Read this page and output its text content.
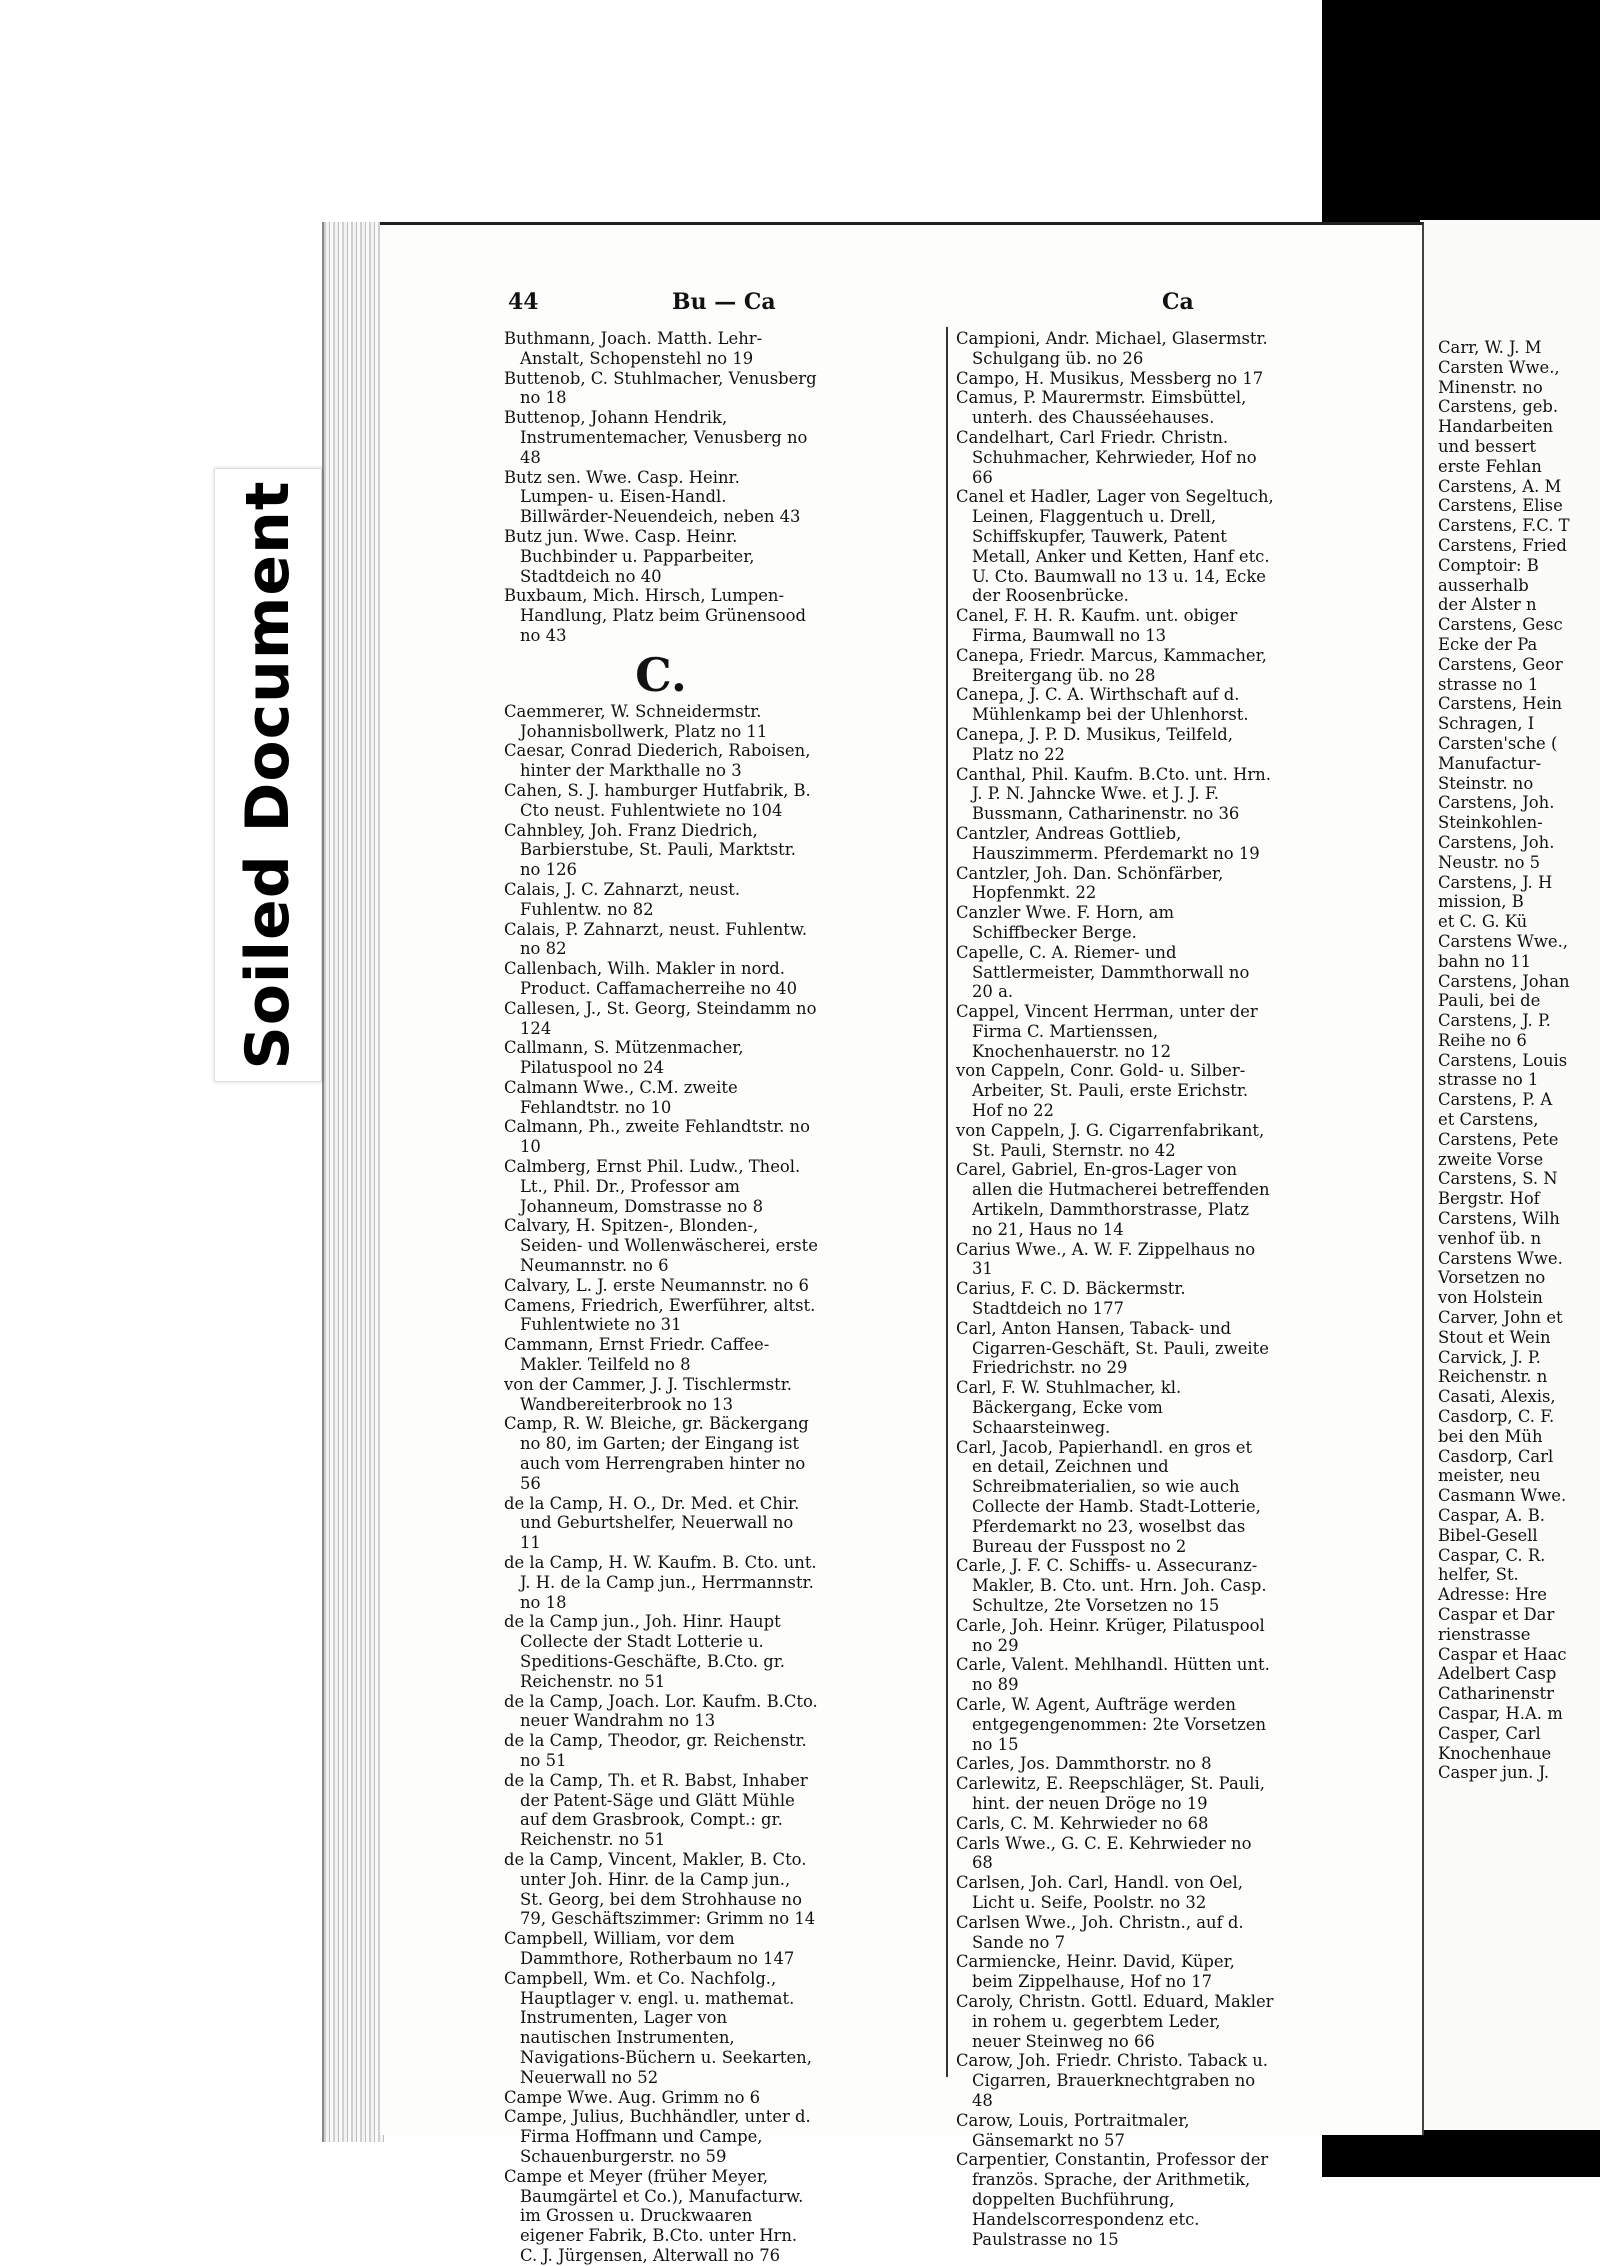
Carr, W. J. M

Carsten Wwe.,

Minenstr. no

Carstens, geb.

Handarbeiten

und bessert

erste Fehlan

Carstens, A. M

Carstens, Elise

Carstens, F.C. T

Carstens, Fried

Comptoir: B

ausserhalb

der Alster n

Carstens, Gesc

Ecke der Pa

Carstens, Geor

strasse no 1

Carstens, Hein

Schragen, I

Carsten'sche (

Manufactur-

Steinstr. no

Carstens, Joh.

Steinkohlen-

Carstens, Joh.

Neustr. no 5

Carstens, J. H

mission, B

et C. G. Kü

Carstens Wwe.,

bahn no 11

Carstens, Johan

Pauli, bei de

Carstens, J. P.

Reihe no 6

Carstens, Louis

strasse no 1

Carstens, P. A

et Carstens,

Carstens, Pete

zweite Vorse

Carstens, S. N

Bergstr. Hof

Carstens, Wilh

venhof üb. n

Carstens Wwe.

Vorsetzen no

von Holstein

Carver, John et

Stout et Wein

Carvick, J. P.

Reichenstr. n

Casati, Alexis,

Casdorp, C. F.

bei den Müh

Casdorp, Carl

meister, neu

Casmann Wwe.

Caspar, A. B.

Bibel-Gesell

Caspar, C. R.

helfer, St.

Adresse: Hre

Caspar et Dar

rienstrasse

Caspar et Haac

Adelbert Casp

Catharinenstr

Caspar, H.A. m

Casper, Carl

Knochenhaue

Casper jun. J.

44	Bu — Ca	Ca

Buthmann, Joach. Matth. Lehr-Anstalt, Schopenstehl no 19

Buttenob, C. Stuhlmacher, Venusberg no 18

Buttenop, Johann Hendrik, Instrumentemacher, Venusberg no 48

Butz sen. Wwe. Casp. Heinr. Lumpen- u. Eisen-Handl. Billwärder-Neuendeich, neben 43

Butz jun. Wwe. Casp. Heinr. Buchbinder u. Papparbeiter, Stadtdeich no 40

Buxbaum, Mich. Hirsch, Lumpen-Handlung, Platz beim Grünensood no 43

C.

Caemmerer, W. Schneidermstr. Johannisbollwerk, Platz no 11

Caesar, Conrad Diederich, Raboisen, hinter der Markthalle no 3

Cahen, S. J. hamburger Hutfabrik, B. Cto neust. Fuhlentwiete no 104

Cahnbley, Joh. Franz Diedrich, Barbierstube, St. Pauli, Marktstr. no 126

Calais, J. C. Zahnarzt, neust. Fuhlentw. no 82

Calais, P. Zahnarzt, neust. Fuhlentw. no 82

Callenbach, Wilh. Makler in nord. Product. Caffamacherreihe no 40

Callesen, J., St. Georg, Steindamm no 124

Callmann, S. Mützenmacher, Pilatuspool no 24

Calmann Wwe., C.M. zweite Fehlandtstr. no 10

Calmann, Ph., zweite Fehlandtstr. no 10

Calmberg, Ernst Phil. Ludw., Theol. Lt., Phil. Dr., Professor am Johanneum, Domstrasse no 8

Calvary, H. Spitzen-, Blonden-, Seiden- und Wollenwäscherei, erste Neumannstr. no 6

Calvary, L. J. erste Neumannstr. no 6

Camens, Friedrich, Ewerführer, altst. Fuhlentwiete no 31

Cammann, Ernst Friedr. Caffee-Makler. Teilfeld no 8

von der Cammer, J. J. Tischlermstr. Wandbereiterbrook no 13

Camp, R. W. Bleiche, gr. Bäckergang no 80, im Garten; der Eingang ist auch vom Herrengraben hinter no 56

de la Camp, H. O., Dr. Med. et Chir. und Geburtshelfer, Neuerwall no 11

de la Camp, H. W. Kaufm. B. Cto. unt. J. H. de la Camp jun., Herrmannstr. no 18

de la Camp jun., Joh. Hinr. Haupt Collecte der Stadt Lotterie u. Speditions-Geschäfte, B.Cto. gr. Reichenstr. no 51

de la Camp, Joach. Lor. Kaufm. B.Cto. neuer Wandrahm no 13

de la Camp, Theodor, gr. Reichenstr. no 51

de la Camp, Th. et R. Babst, Inhaber der Patent-Säge und Glätt Mühle auf dem Grasbrook, Compt.: gr. Reichenstr. no 51

de la Camp, Vincent, Makler, B. Cto. unter Joh. Hinr. de la Camp jun., St. Georg, bei dem Strohhause no 79, Geschäftszimmer: Grimm no 14

Campbell, William, vor dem Dammthore, Rotherbaum no 147

Campbell, Wm. et Co. Nachfolg., Hauptlager v. engl. u. mathemat. Instrumenten, Lager von nautischen Instrumenten, Navigations-Büchern u. Seekarten, Neuerwall no 52

Campe Wwe. Aug. Grimm no 6

Campe, Julius, Buchhändler, unter d. Firma Hoffmann und Campe, Schauenburgerstr. no 59

Campe et Meyer (früher Meyer, Baumgärtel et Co.), Manufacturw. im Grossen u. Druckwaaren eigener Fabrik, B.Cto. unter Hrn. C. J. Jürgensen, Alterwall no 76

Campioni, Andr. Michael, Glasermstr. Schulgang üb. no 26

Campo, H. Musikus, Messberg no 17

Camus, P. Maurermstr. Eimsbüttel, unterh. des Chausséehauses.

Candelhart, Carl Friedr. Christn. Schuhmacher, Kehrwieder, Hof no 66

Canel et Hadler, Lager von Segeltuch, Leinen, Flaggentuch u. Drell, Schiffskupfer, Tauwerk, Patent Metall, Anker und Ketten, Hanf etc. U. Cto. Baumwall no 13 u. 14, Ecke der Roosenbrücke.

Canel, F. H. R. Kaufm. unt. obiger Firma, Baumwall no 13

Canepa, Friedr. Marcus, Kammacher, Breitergang üb. no 28

Canepa, J. C. A. Wirthschaft auf d. Mühlenkamp bei der Uhlenhorst.

Canepa, J. P. D. Musikus, Teilfeld, Platz no 22

Canthal, Phil. Kaufm. B.Cto. unt. Hrn. J. P. N. Jahncke Wwe. et J. J. F. Bussmann, Catharinenstr. no 36

Cantzler, Andreas Gottlieb, Hauszimmerm. Pferdemarkt no 19

Cantzler, Joh. Dan. Schönfärber, Hopfenmkt. 22

Canzler Wwe. F. Horn, am Schiffbecker Berge.

Capelle, C. A. Riemer- und Sattlermeister, Dammthorwall no 20 a.

Cappel, Vincent Herrman, unter der Firma C. Martienssen, Knochenhauerstr. no 12

von Cappeln, Conr. Gold- u. Silber-Arbeiter, St. Pauli, erste Erichstr. Hof no 22

von Cappeln, J. G. Cigarrenfabrikant, St. Pauli, Sternstr. no 42

Carel, Gabriel, En-gros-Lager von allen die Hutmacherei betreffenden Artikeln, Dammthorstrasse, Platz no 21, Haus no 14

Carius Wwe., A. W. F. Zippelhaus no 31

Carius, F. C. D. Bäckermstr. Stadtdeich no 177

Carl, Anton Hansen, Taback- und Cigarren-Geschäft, St. Pauli, zweite Friedrichstr. no 29

Carl, F. W. Stuhlmacher, kl. Bäckergang, Ecke vom Schaarsteinweg.

Carl, Jacob, Papierhandl. en gros et en detail, Zeichnen und Schreibmaterialien, so wie auch Collecte der Hamb. Stadt-Lotterie, Pferdemarkt no 23, woselbst das Bureau der Fusspost no 2

Carle, J. F. C. Schiffs- u. Assecuranz-Makler, B. Cto. unt. Hrn. Joh. Casp. Schultze, 2te Vorsetzen no 15

Carle, Joh. Heinr. Krüger, Pilatuspool no 29

Carle, Valent. Mehlhandl. Hütten unt. no 89

Carle, W. Agent, Aufträge werden entgegengenommen: 2te Vorsetzen no 15

Carles, Jos. Dammthorstr. no 8

Carlewitz, E. Reepschläger, St. Pauli, hint. der neuen Dröge no 19

Carls, C. M. Kehrwieder no 68

Carls Wwe., G. C. E. Kehrwieder no 68

Carlsen, Joh. Carl, Handl. von Oel, Licht u. Seife, Poolstr. no 32

Carlsen Wwe., Joh. Christn., auf d. Sande no 7

Carmiencke, Heinr. David, Küper, beim Zippelhause, Hof no 17

Caroly, Christn. Gottl. Eduard, Makler in rohem u. gegerbtem Leder, neuer Steinweg no 66

Carow, Joh. Friedr. Christo. Taback u. Cigarren, Brauerknechtgraben no 48

Carow, Louis, Portraitmaler, Gänsemarkt no 57

Carpentier, Constantin, Professor der französ. Sprache, der Arithmetik, doppelten Buchführung, Handelscorrespondenz etc. Paulstrasse no 15

Soiled Document
